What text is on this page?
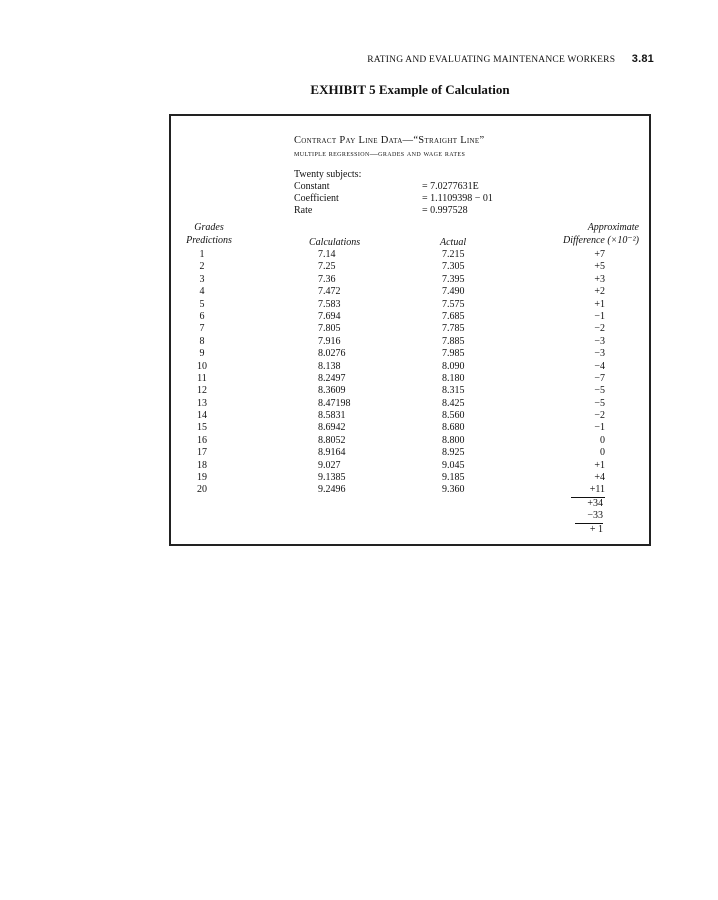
RATING AND EVALUATING MAINTENANCE WORKERS 3.81
EXHIBIT 5 Example of Calculation
Contract Pay Line Data—“Straight Line”
multiple regression—grades and wage rates
Twenty subjects:
Constant	= 7.0277631E
Coefficient	= 1.1109398 − 01
Rate	= 0.997528
Grades
Predictions	Calculations	Actual
Approximate
Difference (×10⁻²)
1	7.14	7.215	+7
2	7.25	7.305	+5
3	7.36	7.395	+3
4	7.472	7.490	+2
5	7.583	7.575	+1
6	7.694	7.685	−1
7	7.805	7.785	−2
8	7.916	7.885	−3
9	8.0276	7.985	−3
10	8.138	8.090	−4
11	8.2497	8.180	−7
12	8.3609	8.315	−5
13	8.47198	8.425	−5
14	8.5831	8.560	−2
15	8.6942	8.680	−1
16	8.8052	8.800	0
17	8.9164	8.925	0
18	9.027	9.045	+1
19	9.1385	9.185	+4
20	9.2496	9.360	+11
+34
−33
+ 1
